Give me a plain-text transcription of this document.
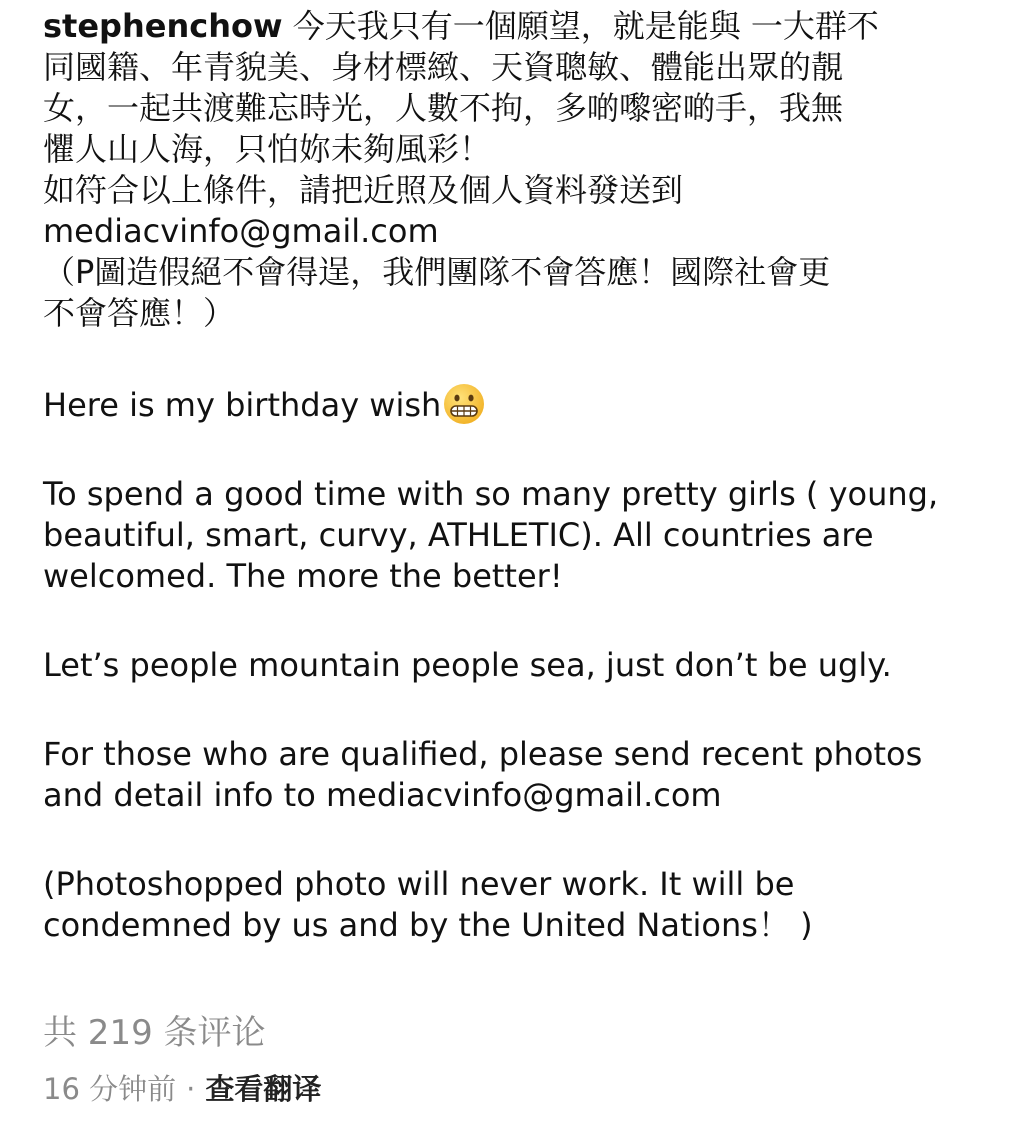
stephenchow 今天我只有一個願望，就是能與 一大群不
同國籍、年青貌美、身材標緻、天資聰敏、體能出眾的靚
女，一起共渡難忘時光，人數不拘，多啲嚟密啲手，我無
懼人山人海，只怕妳未夠風彩！
如符合以上條件，請把近照及個人資料發送到
mediacvinfo@gmail.com
（P圖造假絕不會得逞，我們團隊不會答應！國際社會更
不會答應！）
Here is my birthday wish
To spend a good time with so many pretty girls ( young,
beautiful, smart, curvy, ATHLETIC). All countries are
welcomed. The more the better!
Let’s people mountain people sea, just don’t be ugly.
For those who are qualified, please send recent photos
and detail info to mediacvinfo@gmail.com
(Photoshopped photo will never work. It will be
condemned by us and by the United Nations！ )
共 219 条评论
16 分钟前 · 查看翻译
